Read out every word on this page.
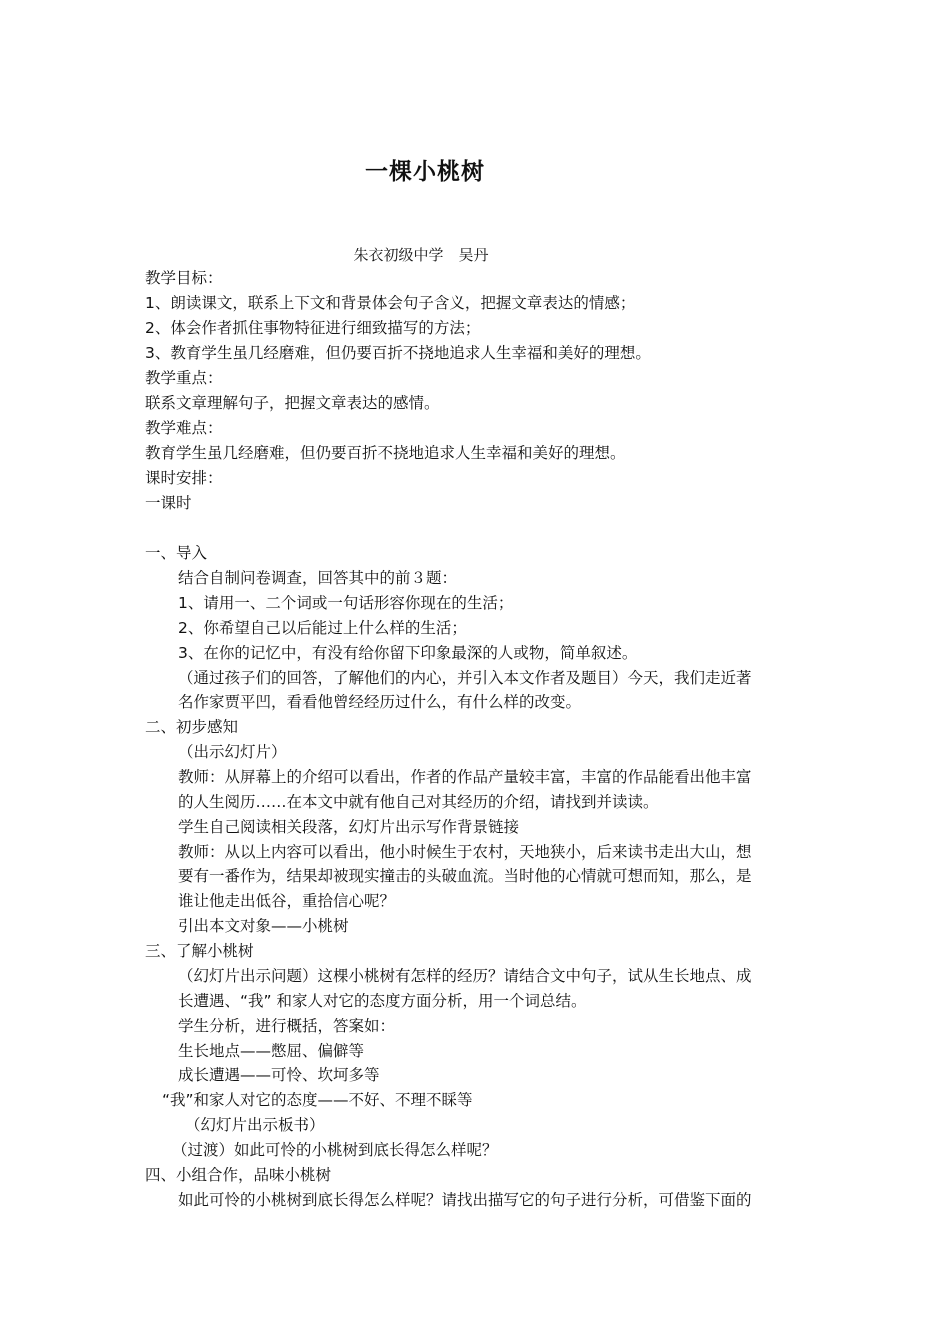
一棵小桃树
朱衣初级中学　吴丹
教学目标：
1、朗读课文，联系上下文和背景体会句子含义，把握文章表达的情感；
2、体会作者抓住事物特征进行细致描写的方法；
3、教育学生虽几经磨难，但仍要百折不挠地追求人生幸福和美好的理想。
教学重点：
联系文章理解句子，把握文章表达的感情。
教学难点：
教育学生虽几经磨难，但仍要百折不挠地追求人生幸福和美好的理想。
课时安排：
一课时
一、导入
结合自制问卷调查，回答其中的前３题：
1、请用一、二个词或一句话形容你现在的生活；
2、你希望自己以后能过上什么样的生活；
3、在你的记忆中，有没有给你留下印象最深的人或物，简单叙述。
（通过孩子们的回答，了解他们的内心，并引入本文作者及题目）今天，我们走近著
名作家贾平凹，看看他曾经经历过什么，有什么样的改变。
二、初步感知
（出示幻灯片）
教师：从屏幕上的介绍可以看出，作者的作品产量较丰富，丰富的作品能看出他丰富
的人生阅历……在本文中就有他自己对其经历的介绍，请找到并读读。
学生自己阅读相关段落，幻灯片出示写作背景链接
教师：从以上内容可以看出，他小时候生于农村，天地狭小，后来读书走出大山，想
要有一番作为，结果却被现实撞击的头破血流。当时他的心情就可想而知，那么，是
谁让他走出低谷，重拾信心呢？
引出本文对象——小桃树
三、了解小桃树
（幻灯片出示问题）这棵小桃树有怎样的经历？请结合文中句子，试从生长地点、成
长遭遇、“我” 和家人对它的态度方面分析，用一个词总结。
学生分析，进行概括，答案如：
生长地点——憋屈、偏僻等
成长遭遇——可怜、坎坷多等
“我”和家人对它的态度——不好、不理不睬等
（幻灯片出示板书）
（过渡）如此可怜的小桃树到底长得怎么样呢？
四、小组合作，品味小桃树
如此可怜的小桃树到底长得怎么样呢？请找出描写它的句子进行分析，可借鉴下面的
